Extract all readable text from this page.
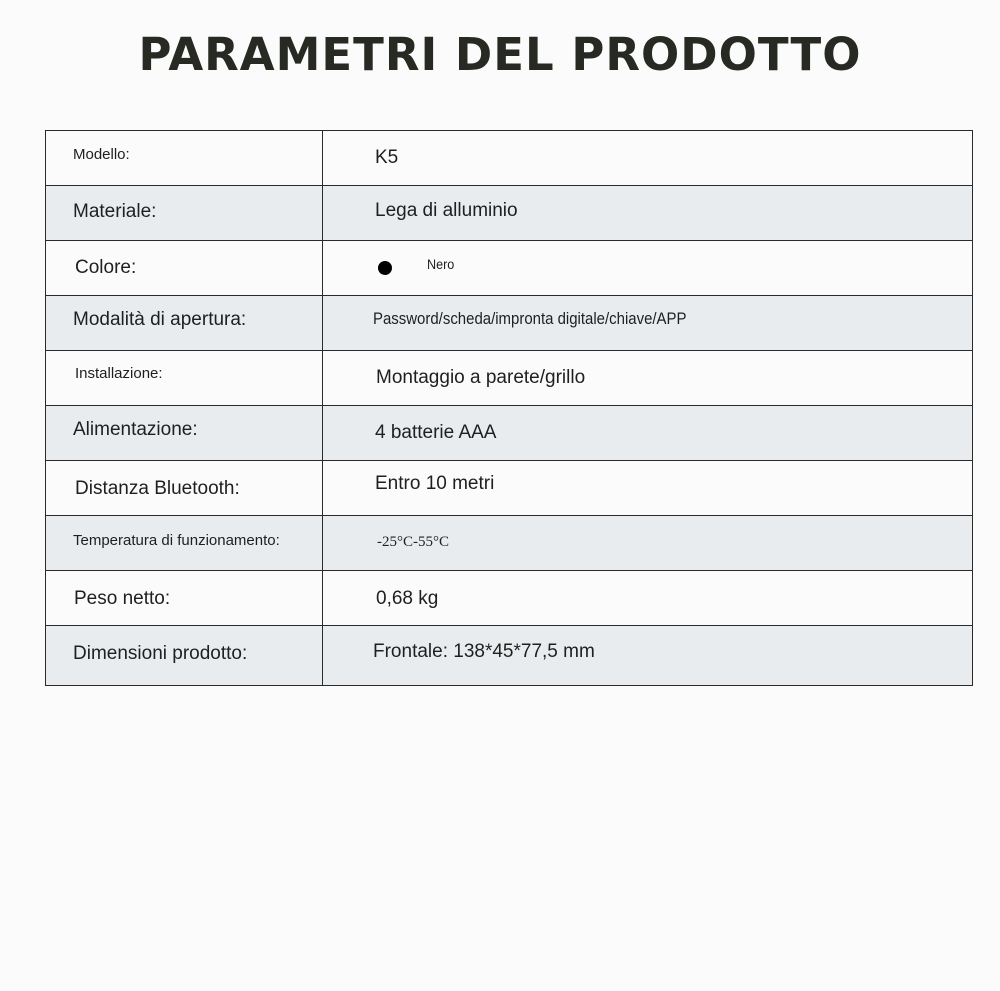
PARAMETRI DEL PRODOTTO
Modello:	K5
Materiale:	Lega di alluminio
Colore:	Nero
Modalità di apertura:	Password/scheda/impronta digitale/chiave/APP
Installazione:	Montaggio a parete/grillo
Alimentazione:	4 batterie AAA
Distanza Bluetooth:	Entro 10 metri
Temperatura di funzionamento:	-25°C-55°C
Peso netto:	0,68 kg
Dimensioni prodotto:	Frontale: 138*45*77,5 mm
